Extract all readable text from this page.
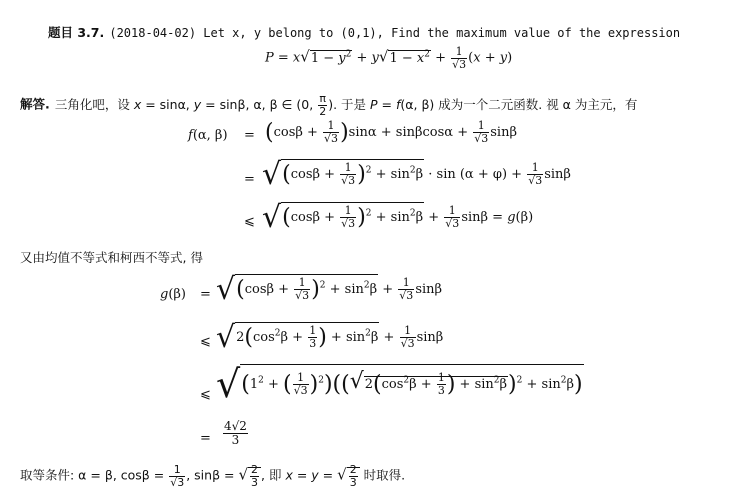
题目 3.7. (2018-04-02) Let x, y belong to (0,1), Find the maximum value of the expression
$P = x√1 - y^2 + y√1 - x^2 + \frac{1}{√3} (x + y)$
解答. 三角化吧，设 x = sinα, y = sinβ, α, β ∈ (0, $\frac{\pi}{2}$ ). 于是 P = f(α, β) 成为一个二元函数. 视 α 为主元，有
f(α, $\beta) = (\cos\beta + \frac{1}{√3} )\sin\alpha + \sin\beta\cos\alpha + \frac{1}{√3}$ sinβ
= $√(\cos\beta + \frac{1}{√3} )^2 + \sin^2\beta \cdot \sin (\alpha + \varphi) + \frac{1}{√3}$ sinβ
⩽ $√(\cos\beta + \frac{1}{√3} )^2 + \sin^2\beta + \frac{1}{√3}$ sinβ = g(β)
又由均值不等式和柯西不等式, 得
$g(\beta) = √(\cos\beta + \frac{1}{√3} )^2 + \sin^2\beta + \frac{1}{√3}$ sinβ
⩽ $√2(\cos^2\beta + \frac{1}{3}$ ) + $\sin^2\beta + \frac{1}{√3}$ sinβ
⩽ $√(1^2$ + ( $\frac{1}{√3} )^2)((√2(\cos^2\beta + \frac{1}{3}$ ) + $\sin^2\beta)^2 + \sin^2\beta$)
= $\frac{4√2}{3}$
取等条件: α = β, $\cos\beta = \frac{1}{√3}$ , sinβ = √ $\frac{2}{3}$ , 即 x = y = √ $\frac{2}{3}$ 时取得.
